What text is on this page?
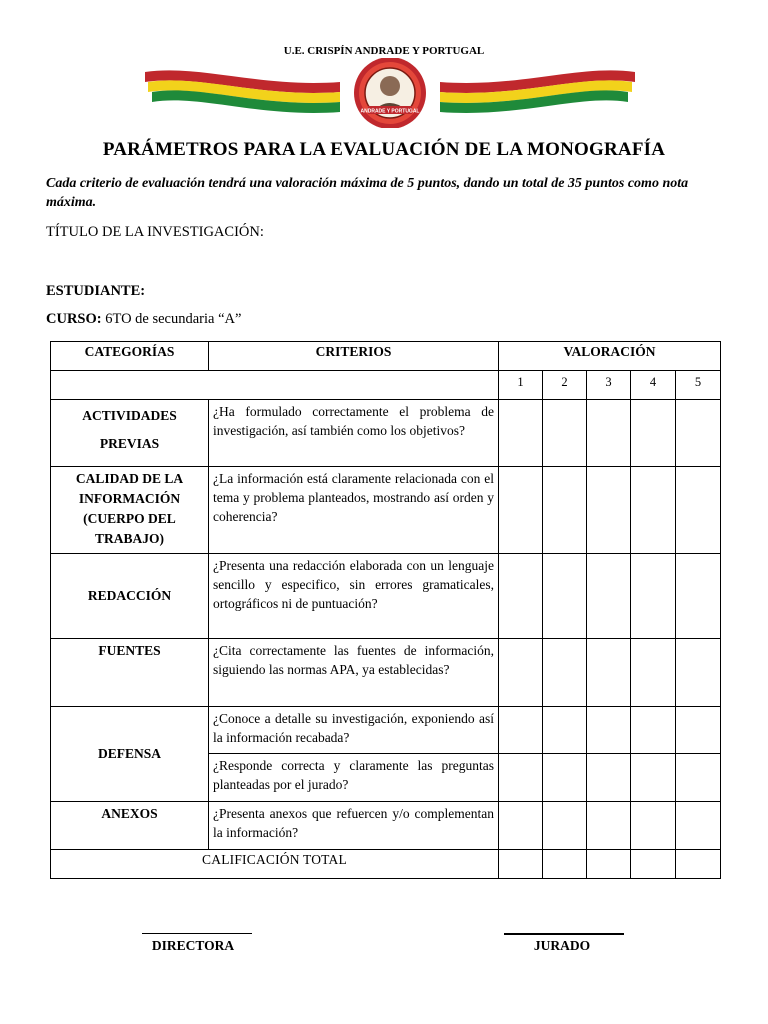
U.E. CRISPÍN ANDRADE Y PORTUGAL
ANDRADE Y PORTUGAL
PARÁMETROS PARA LA EVALUACIÓN DE LA MONOGRAFÍA
Cada criterio de evaluación tendrá una valoración máxima de 5 puntos, dando un total de 35 puntos como nota máxima.
TÍTULO DE LA INVESTIGACIÓN:
ESTUDIANTE:
CURSO: 6TO de secundaria “A”
CATEGORÍAS	CRITERIOS	VALORACIÓN				
		1	2	3	4	5
ACTIVIDADES
PREVIAS	¿Ha formulado correctamente el problema de investigación, así también como los objetivos?					
CALIDAD DE LA INFORMACIÓN (CUERPO DEL TRABAJO)	¿La información está claramente relacionada con el tema y problema planteados, mostrando así orden y coherencia?					
REDACCIÓN	¿Presenta una redacción elaborada con un lenguaje sencillo y especifico, sin errores gramaticales, ortográficos ni de puntuación?					
FUENTES	¿Cita correctamente las fuentes de información, siguiendo las normas APA, ya establecidas?					
DEFENSA	¿Conoce a detalle su investigación, exponiendo así la información recabada?					
	¿Responde correcta y claramente las preguntas planteadas por el jurado?					
ANEXOS	¿Presenta anexos que refuercen y/o complementan la información?					
CALIFICACIÓN TOTAL						
DIRECTORA	JURADO
